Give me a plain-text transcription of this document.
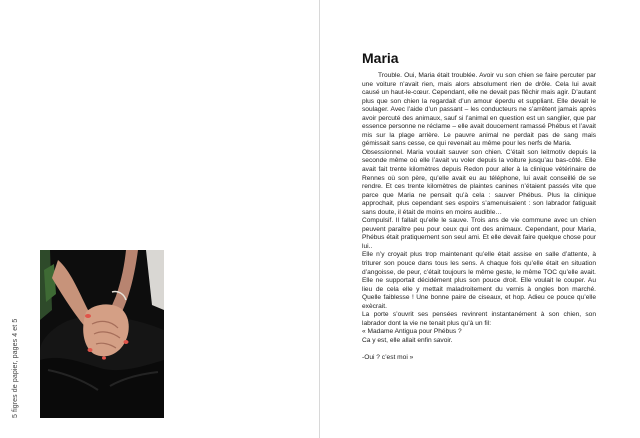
5 figres de papier, pages 4 et 5
Maria

Trouble. Oui, Maria était troublée. Avoir vu son chien se faire percuter par une voiture n’avait rien, mais alors absolument rien de drôle. Cela lui avait causé un haut-le-cœur. Cependant, elle ne devait pas flêchir mais agir. D’autant plus que son chien la regardait d’un amour éperdu et suppliant. Elle devait le soulager. Avec l’aide d’un passant – les conducteurs ne s’arrêtent jamais après avoir percuté des animaux, sauf si l’animal en question est un sanglier, que par essence personne ne réclame – elle avait doucement ramassé Phébus et l’avait mis sur la plage arrière. Le pauvre animal ne perdait pas de sang mais gémissait sans cesse, ce qui revenait au même pour les nerfs de Maria.

Obsessionnel. Maria voulait sauver son chien. C’était son leitmotiv depuis la seconde même où elle l’avait vu voler depuis la voiture jusqu’au bas-côté. Elle avait fait trente kilomètres depuis Redon pour aller à la clinique vétérinaire de Rennes où son père, qu’elle avait eu au téléphone, lui avait conseillé de se rendre. Et ces trente kilomètres de plaintes canines n’étaient passés vite que parce que Maria ne pensait qu’à cela : sauver Phébus. Plus la clinique approchait, plus cependant ses espoirs s’amenuisaient : son labrador fatiguait sans doute, il était de moins en moins audible…

Compulsif. Il fallait qu’elle le sauve. Trois ans de vie commune avec un chien peuvent paraître peu pour ceux qui ont des animaux. Cependant, pour Maria, Phébus était pratiquement son seul ami. Et elle devait faire quelque chose pour lui..

Elle n’y croyait plus trop maintenant qu’elle était assise en salle d’attente, à triturer son pouce dans tous les sens. A chaque fois qu’elle était en situation d’angoisse, de peur, c’était toujours le même geste, le même TOC qu’elle avait. Elle ne supportait décidément plus son pouce droit. Elle voulait le couper. Au lieu de cela elle y mettait maladroitement du vernis à ongles bon marché. Quelle faiblesse ! Une bonne paire de ciseaux, et hop. Adieu ce pouce qu’elle exècrait.

La porte s’ouvrit ses pensées revinrent instantanément à son chien, son labrador dont la vie ne tenait plus qu’à un fil:

« Madame Antigua pour Phébus ?

Ca y est, elle allait enfin savoir.

-Oui ? c’est moi »
